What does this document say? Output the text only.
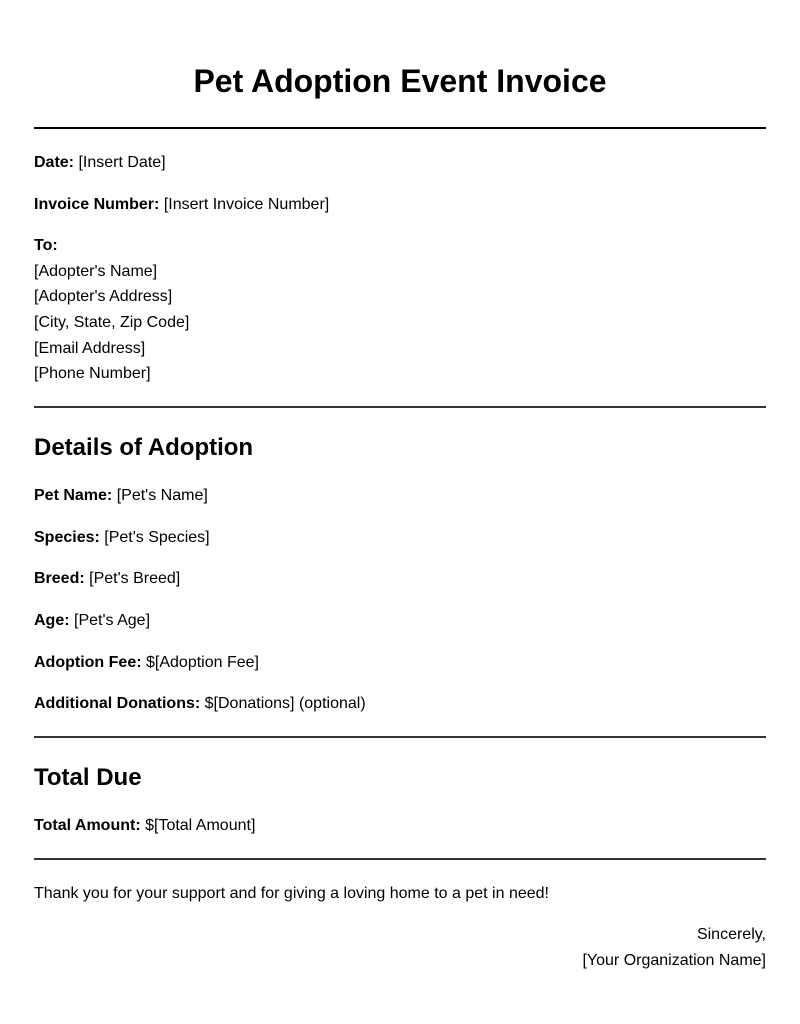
Pet Adoption Event Invoice
Date: [Insert Date]
Invoice Number: [Insert Invoice Number]
To:
[Adopter's Name]
[Adopter's Address]
[City, State, Zip Code]
[Email Address]
[Phone Number]
Details of Adoption
Pet Name: [Pet's Name]
Species: [Pet's Species]
Breed: [Pet's Breed]
Age: [Pet's Age]
Adoption Fee: $[Adoption Fee]
Additional Donations: $[Donations] (optional)
Total Due
Total Amount: $[Total Amount]
Thank you for your support and for giving a loving home to a pet in need!
Sincerely,
[Your Organization Name]
